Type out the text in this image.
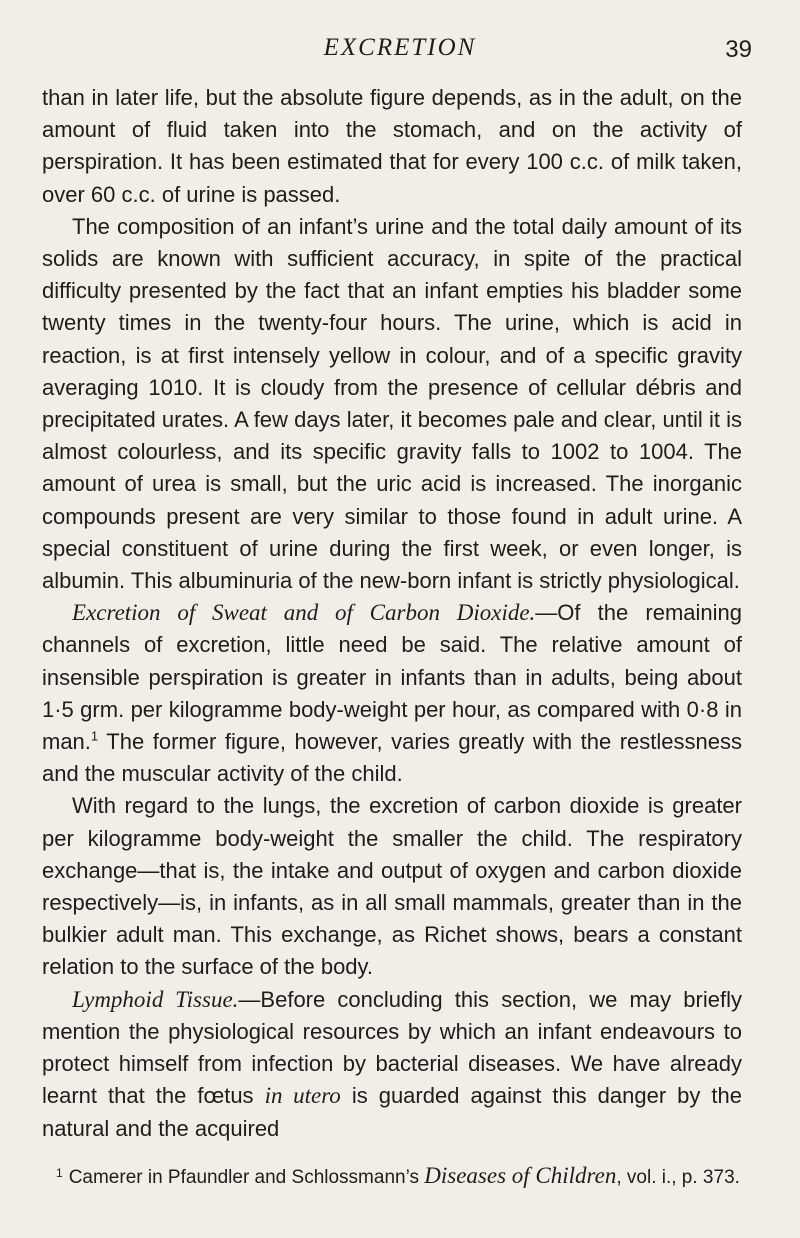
EXCRETION	39

than in later life, but the absolute figure depends, as in the adult, on the amount of fluid taken into the stomach, and on the activity of perspiration. It has been estimated that for every 100 c.c. of milk taken, over 60 c.c. of urine is passed.

The composition of an infant’s urine and the total daily amount of its solids are known with sufficient accuracy, in spite of the practical difficulty presented by the fact that an infant empties his bladder some twenty times in the twenty-four hours. The urine, which is acid in reaction, is at first intensely yellow in colour, and of a specific gravity averaging 1010. It is cloudy from the presence of cellular débris and precipitated urates. A few days later, it becomes pale and clear, until it is almost colourless, and its specific gravity falls to 1002 to 1004. The amount of urea is small, but the uric acid is increased. The inorganic compounds present are very similar to those found in adult urine. A special constituent of urine during the first week, or even longer, is albumin. This albuminuria of the new-born infant is strictly physiological.

Excretion of Sweat and of Carbon Dioxide.—Of the remaining channels of excretion, little need be said. The relative amount of insensible perspiration is greater in infants than in adults, being about 1·5 grm. per kilogramme body-weight per hour, as compared with 0·8 in man.$^1$ The former figure, however, varies greatly with the restlessness and the muscular activity of the child.

With regard to the lungs, the excretion of carbon dioxide is greater per kilogramme body-weight the smaller the child. The respiratory exchange—that is, the intake and output of oxygen and carbon dioxide respectively—is, in infants, as in all small mammals, greater than in the bulkier adult man. This exchange, as Richet shows, bears a constant relation to the surface of the body.

Lymphoid Tissue.—Before concluding this section, we may briefly mention the physiological resources by which an infant endeavours to protect himself from infection by bacterial diseases. We have already learnt that the fœtus in utero is guarded against this danger by the natural and the acquired

$^1$ Camerer in Pfaundler and Schlossmann’s Diseases of Children, vol. i., p. 373.
